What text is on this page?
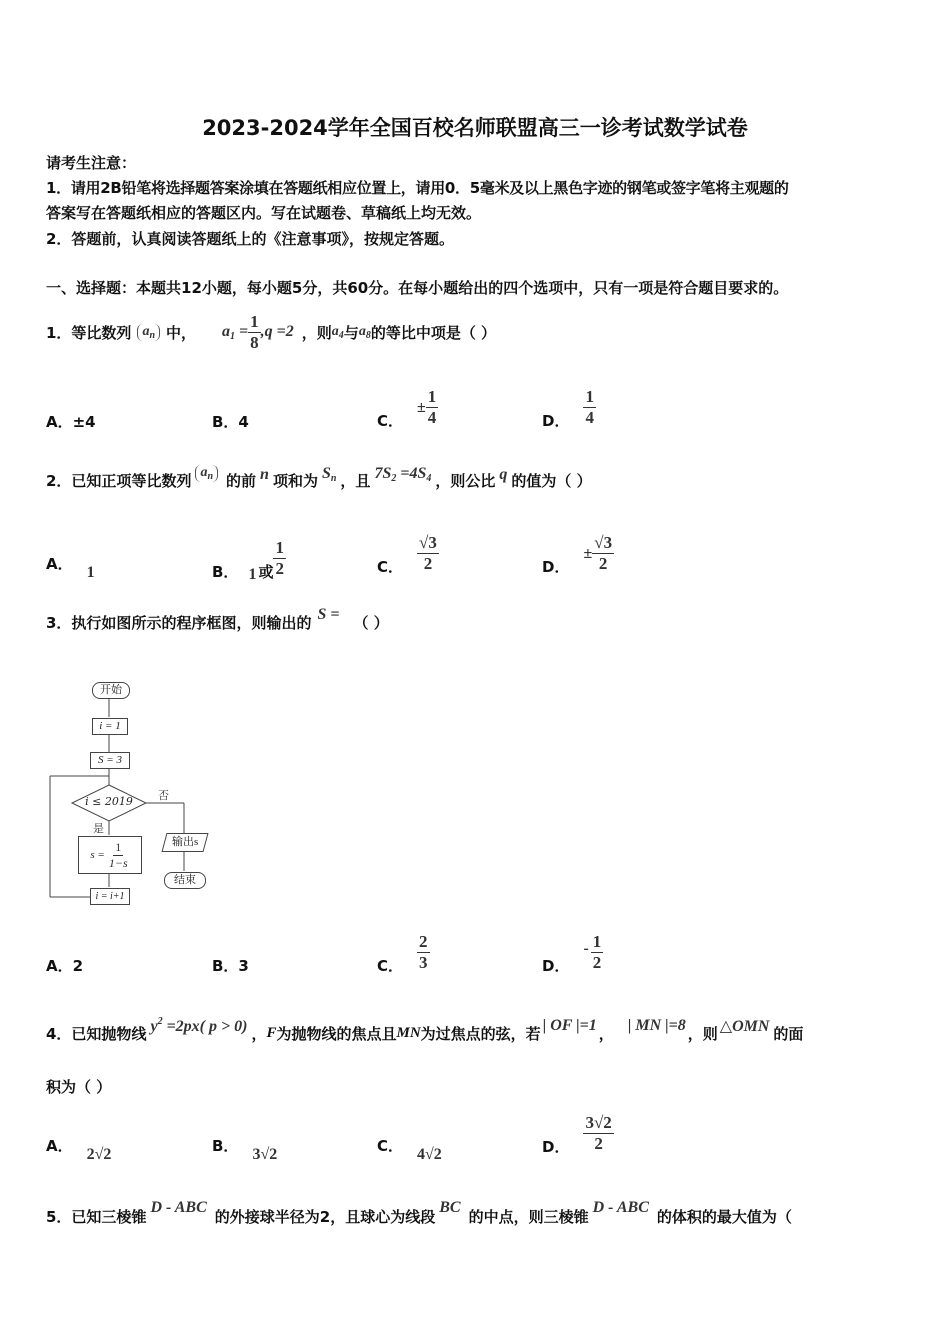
2023-2024学年全国百校名师联盟高三一诊考试数学试卷
请考生注意：
1．请用2B铅笔将选择题答案涂填在答题纸相应位置上，请用0．5毫米及以上黑色字迹的钢笔或签字笔将主观题的
答案写在答题纸相应的答题区内。写在试题卷、草稿纸上均无效。
2．答题前，认真阅读答题纸上的《注意事项》，按规定答题。
一、选择题：本题共12小题，每小题5分，共60分。在每小题给出的四个选项中，只有一项是符合题目要求的。
1．等比数列 $a_n$ 中， $a_1 = \frac{1}{8} ,q =2$ ，则 $a_4$ 与 $a_8$ 的等比中项是（ ）
A．±4	B．4	C．
± $\frac{1}{4}$	D． $\frac{1}{4}$
2．已知正项等比数列 $a_n$ 的前 n 项和为 $S_n$ ，且 $7S_2 =4S_4$ ，则公比 q 的值为（ ）
A． 1	B． 1 或 $\frac{1}{2}$	C． $\frac{√3}{2}$	D．
± $\frac{√3}{2}$
3．执行如图所示的程序框图，则输出的 S = （ ）
开始
i = 1
S = 3
i ≤ 2019 否
是
$s = \frac{1}{1-s}$	输出s
结束
i = i+1
A．2	B．3	C． $\frac{2}{3}$	D．
- $\frac{1}{2}$
4．已知抛物线 $y^2 =2px$( p > 0) ， F 为抛物线的焦点且 MN 为过焦点的弦，若 | OF |=1 ， | MN |=8 ，则 △OMN 的面
积为（ ）
A． 2√2	B． 3√2	C． 4√2	D． $\frac{3√2}{2}$
5．已知三棱锥
D - ABC
的外接球半径为2，且球心为线段
BC
的中点，则三棱锥
D - ABC
的体积的最大值为（
